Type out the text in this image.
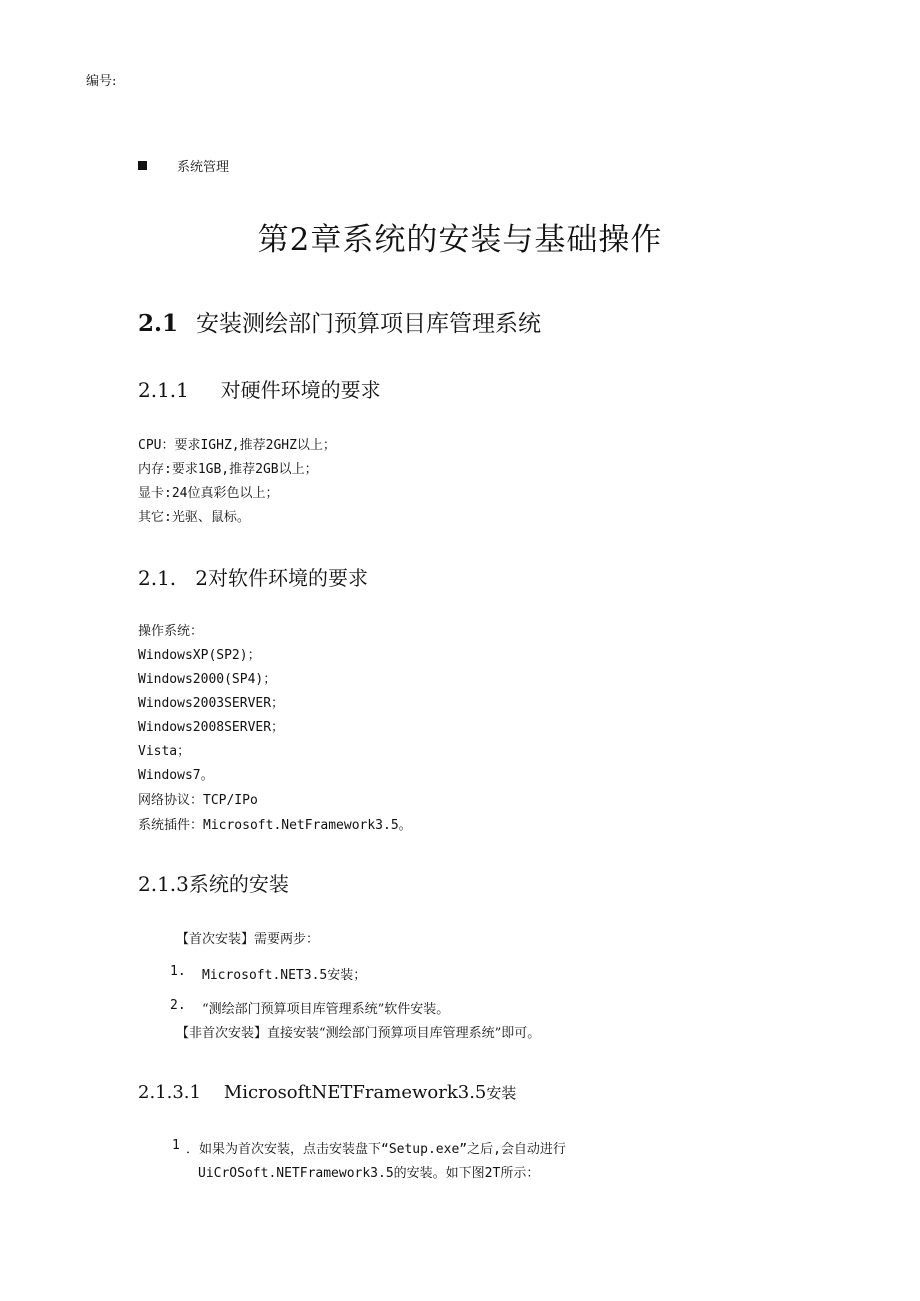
编号:
系统管理
第2章系统的安装与基础操作
2.1 安装测绘部门预算项目库管理系统
2.1.1     对硬件环境的要求
CPU：要求IGHZ,推荐2GHZ以上；
内存:要求1GB,推荐2GB以上；
显卡:24位真彩色以上；
其它:光驱、鼠标。
2.1.   2对软件环境的要求
操作系统：
WindowsXP(SP2)；
Windows2000(SP4)；
Windows2003SERVER；
Windows2008SERVER；
Vista；
Windows7。
网络协议：TCP/IPo
系统插件：Microsoft.NetFramework3.5。
2.1.3系统的安装
【首次安装】需要两步：
1. Microsoft.NET3.5安装；
2. “测绘部门预算项目库管理系统”软件安装。
【非首次安装】直接安装“测绘部门预算项目库管理系统”即可。
2.1.3.1    MicrosoftNETFramework3.5安装
1 ．如果为首次安装，点击安装盘下“Setup.exe”之后,会自动进行
UiCrOSoft.NETFramework3.5的安装。如下图2T所示：
